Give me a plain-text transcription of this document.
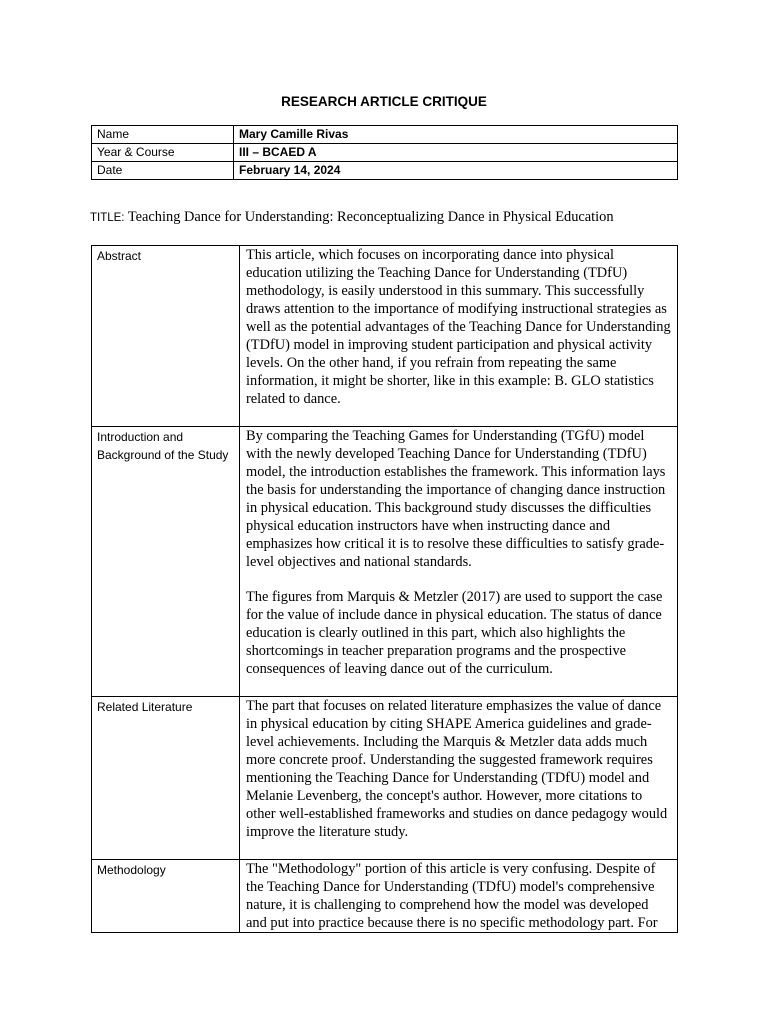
RESEARCH ARTICLE CRITIQUE
Name	Mary Camille Rivas
Year & Course	III – BCAED A
Date	February 14, 2024
TITLE: Teaching Dance for Understanding: Reconceptualizing Dance in Physical Education
Abstract	This article, which focuses on incorporating dance into physical education utilizing the Teaching Dance for Understanding (TDfU) methodology, is easily understood in this summary. This successfully draws attention to the importance of modifying instructional strategies as well as the potential advantages of the Teaching Dance for Understanding (TDfU) model in improving student participation and physical activity levels. On the other hand, if you refrain from repeating the same information, it might be shorter, like in this example: B. GLO statistics related to dance.

Introduction and Background of the Study	By comparing the Teaching Games for Understanding (TGfU) model with the newly developed Teaching Dance for Understanding (TDfU) model, the introduction establishes the framework. This information lays the basis for understanding the importance of changing dance instruction in physical education. This background study discusses the difficulties physical education instructors have when instructing dance and emphasizes how critical it is to resolve these difficulties to satisfy grade-level objectives and national standards.

The figures from Marquis & Metzler (2017) are used to support the case for the value of include dance in physical education. The status of dance education is clearly outlined in this part, which also highlights the shortcomings in teacher preparation programs and the prospective consequences of leaving dance out of the curriculum.

Related Literature	The part that focuses on related literature emphasizes the value of dance in physical education by citing SHAPE America guidelines and grade-level achievements. Including the Marquis & Metzler data adds much more concrete proof. Understanding the suggested framework requires mentioning the Teaching Dance for Understanding (TDfU) model and Melanie Levenberg, the concept's author. However, more citations to other well-established frameworks and studies on dance pedagogy would improve the literature study.

Methodology	The "Methodology" portion of this article is very confusing. Despite of the Teaching Dance for Understanding (TDfU) model's comprehensive nature, it is challenging to comprehend how the model was developed and put into practice because there is no specific methodology part. For
